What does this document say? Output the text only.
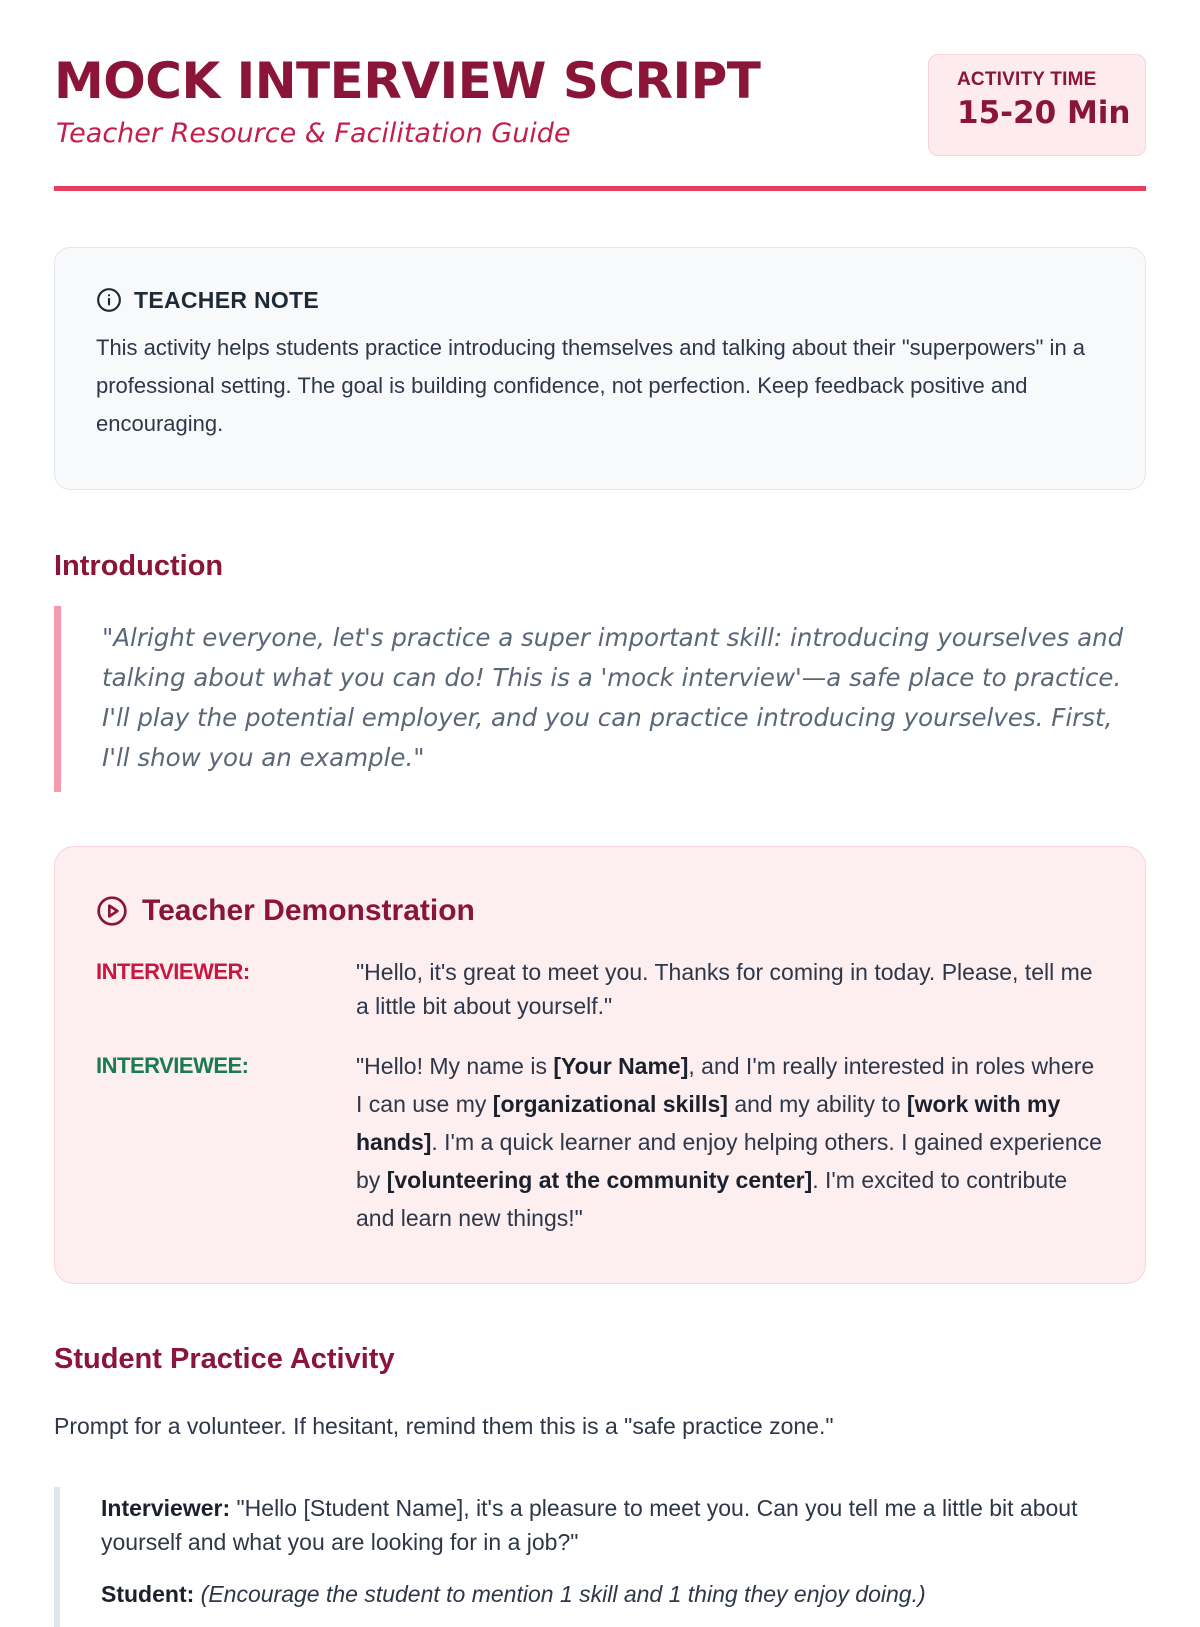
MOCK INTERVIEW SCRIPT
Teacher Resource & Facilitation Guide
ACTIVITY TIME
15-20 Min
TEACHER NOTE
This activity helps students practice introducing themselves and talking about their "superpowers" in a professional setting. The goal is building confidence, not perfection. Keep feedback positive and encouraging.
Introduction
"Alright everyone, let's practice a super important skill: introducing yourselves and talking about what you can do! This is a 'mock interview'—a safe place to practice. I'll play the potential employer, and you can practice introducing yourselves. First, I'll show you an example."
Teacher Demonstration
INTERVIEWER:	"Hello, it's great to meet you. Thanks for coming in today. Please, tell me a little bit about yourself."
INTERVIEWEE:	"Hello! My name is [Your Name], and I'm really interested in roles where I can use my [organizational skills] and my ability to [work with my hands]. I'm a quick learner and enjoy helping others. I gained experience by [volunteering at the community center]. I'm excited to contribute and learn new things!"
Student Practice Activity
Prompt for a volunteer. If hesitant, remind them this is a "safe practice zone."
Interviewer: "Hello [Student Name], it's a pleasure to meet you. Can you tell me a little bit about yourself and what you are looking for in a job?"
Student: (Encourage the student to mention 1 skill and 1 thing they enjoy doing.)
